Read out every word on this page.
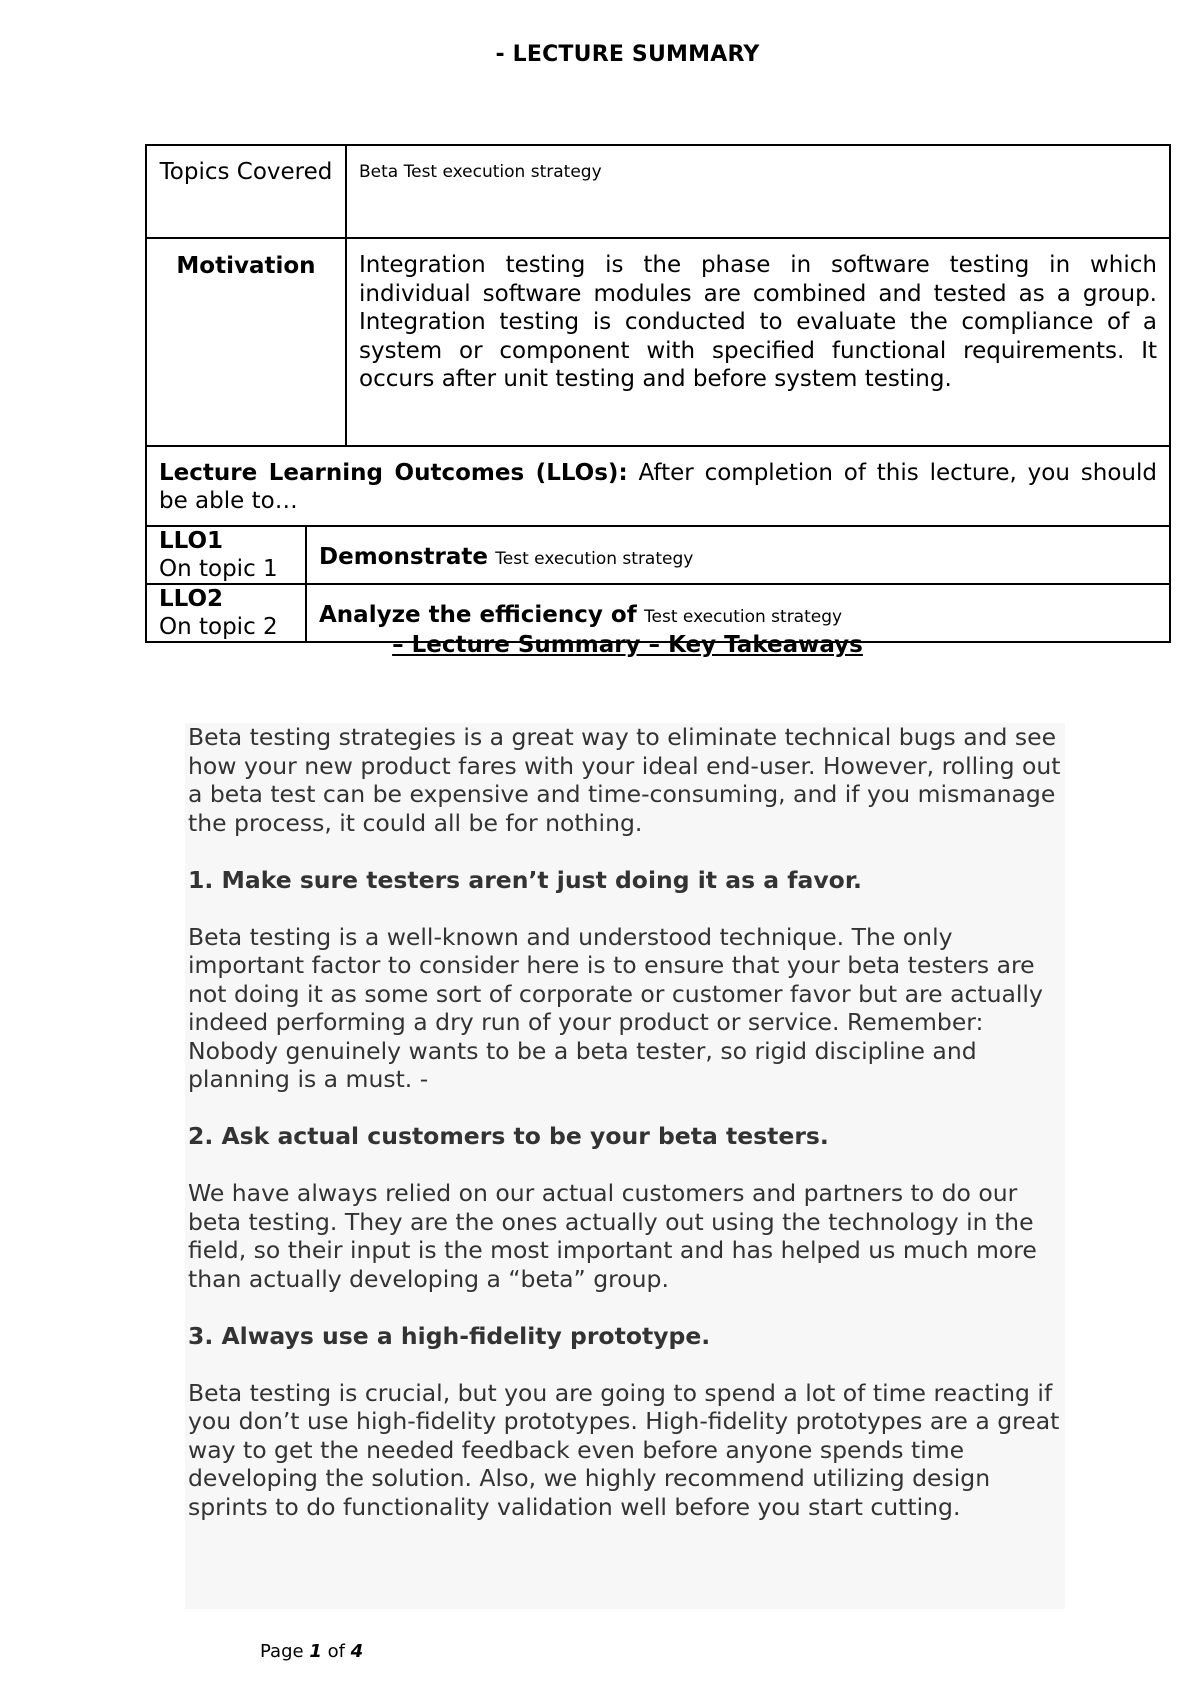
- LECTURE SUMMARY
Topics Covered		Beta Test execution strategy
Motivation		Integration testing is the phase in software testing in which individual software modules are combined and tested as a group. Integration testing is conducted to evaluate the compliance of a system or component with specified functional requirements. It occurs after unit testing and before system testing.
Lecture Learning Outcomes (LLOs): After completion of this lecture, you should be able to…		

LLO1
On topic 1	Demonstrate Test execution strategy	

LLO2
On topic 2	Analyze the efficiency of Test execution strategy	
– Lecture Summary – Key Takeaways

Beta testing strategies is a great way to eliminate technical bugs and see how your new product fares with your ideal end-user. However, rolling out a beta test can be expensive and time-consuming, and if you mismanage the process, it could all be for nothing.

1. Make sure testers aren’t just doing it as a favor.

Beta testing is a well-known and understood technique. The only important factor to consider here is to ensure that your beta testers are not doing it as some sort of corporate or customer favor but are actually indeed performing a dry run of your product or service. Remember: Nobody genuinely wants to be a beta tester, so rigid discipline and planning is a must. -

2. Ask actual customers to be your beta testers.

We have always relied on our actual customers and partners to do our beta testing. They are the ones actually out using the technology in the field, so their input is the most important and has helped us much more than actually developing a “beta” group.

3. Always use a high-fidelity prototype.

Beta testing is crucial, but you are going to spend a lot of time reacting if you don’t use high-fidelity prototypes. High-fidelity prototypes are a great way to get the needed feedback even before anyone spends time developing the solution. Also, we highly recommend utilizing design sprints to do functionality validation well before you start cutting.

Page 1 of 4
